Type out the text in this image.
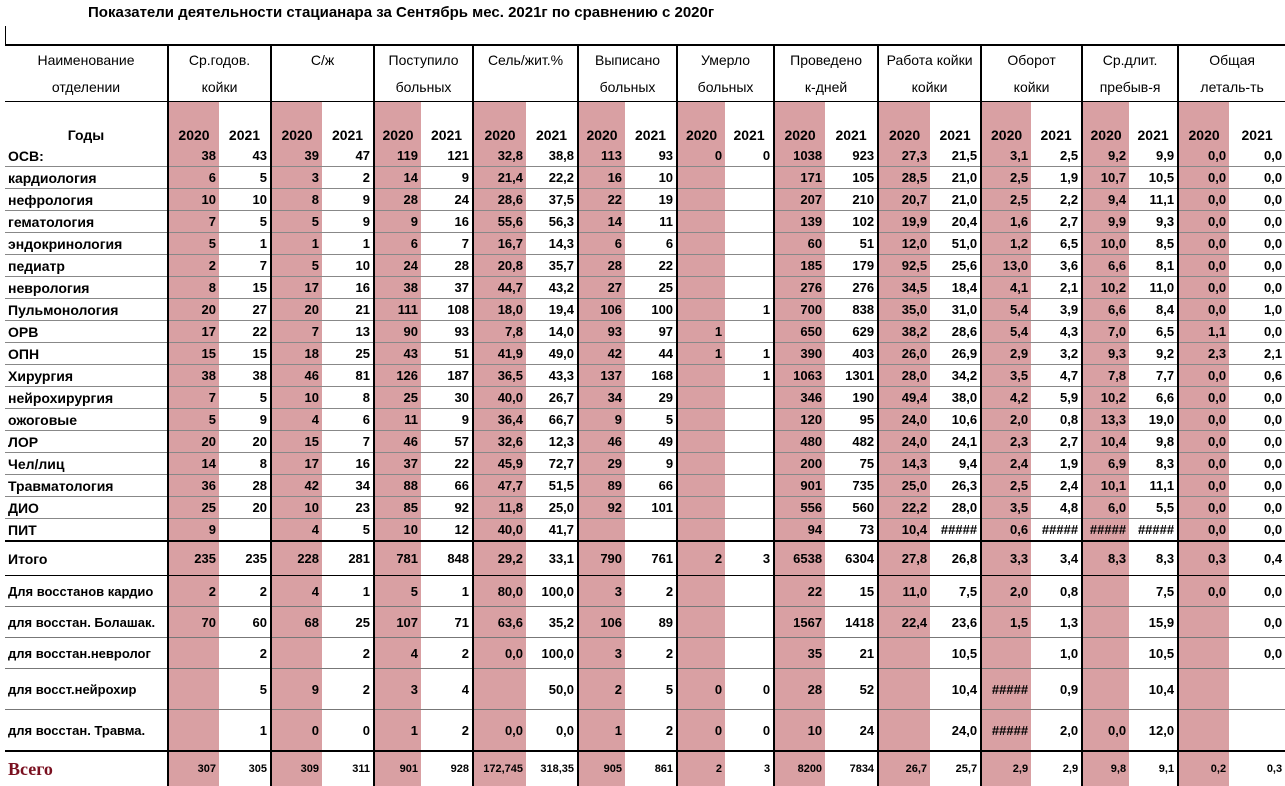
Показатели деятельности стацианара за Сентябрь мес. 2021г по сравнению с 2020г
Наименование	Ср.годов.		С/ж		Поступило		Сель/жит.%		Выписано		Умерло		Проведено		Работа койки		Оборот		Ср.длит.		Общая	
отделении	койки				больных				больных		больных		к-дней		койки		койки		пребыв-я		леталь-ть	
Годы	2020	2021	2020	2021	2020	2021	2020	2021	2020	2021	2020	2021	2020	2021	2020	2021	2020	2021	2020	2021	2020	2021
ОСВ:	38	43	39	47	119	121	32,8	38,8	113	93	0	0	1038	923	27,3	21,5	3,1	2,5	9,2	9,9	0,0	0,0
кардиология	6	5	3	2	14	9	21,4	22,2	16	10			171	105	28,5	21,0	2,5	1,9	10,7	10,5	0,0	0,0
нефрология	10	10	8	9	28	24	28,6	37,5	22	19			207	210	20,7	21,0	2,5	2,2	9,4	11,1	0,0	0,0
гематология	7	5	5	9	9	16	55,6	56,3	14	11			139	102	19,9	20,4	1,6	2,7	9,9	9,3	0,0	0,0
эндокринология	5	1	1	1	6	7	16,7	14,3	6	6			60	51	12,0	51,0	1,2	6,5	10,0	8,5	0,0	0,0
педиатр	2	7	5	10	24	28	20,8	35,7	28	22			185	179	92,5	25,6	13,0	3,6	6,6	8,1	0,0	0,0
неврология	8	15	17	16	38	37	44,7	43,2	27	25			276	276	34,5	18,4	4,1	2,1	10,2	11,0	0,0	0,0
Пульмонология	20	27	20	21	111	108	18,0	19,4	106	100		1	700	838	35,0	31,0	5,4	3,9	6,6	8,4	0,0	1,0
ОРВ	17	22	7	13	90	93	7,8	14,0	93	97	1		650	629	38,2	28,6	5,4	4,3	7,0	6,5	1,1	0,0
ОПН	15	15	18	25	43	51	41,9	49,0	42	44	1	1	390	403	26,0	26,9	2,9	3,2	9,3	9,2	2,3	2,1
Хирургия	38	38	46	81	126	187	36,5	43,3	137	168		1	1063	1301	28,0	34,2	3,5	4,7	7,8	7,7	0,0	0,6
нейрохирургия	7	5	10	8	25	30	40,0	26,7	34	29			346	190	49,4	38,0	4,2	5,9	10,2	6,6	0,0	0,0
ожоговые	5	9	4	6	11	9	36,4	66,7	9	5			120	95	24,0	10,6	2,0	0,8	13,3	19,0	0,0	0,0
ЛОР	20	20	15	7	46	57	32,6	12,3	46	49			480	482	24,0	24,1	2,3	2,7	10,4	9,8	0,0	0,0
Чел/лиц	14	8	17	16	37	22	45,9	72,7	29	9			200	75	14,3	9,4	2,4	1,9	6,9	8,3	0,0	0,0
Травматология	36	28	42	34	88	66	47,7	51,5	89	66			901	735	25,0	26,3	2,5	2,4	10,1	11,1	0,0	0,0
ДИО	25	20	10	23	85	92	11,8	25,0	92	101			556	560	22,2	28,0	3,5	4,8	6,0	5,5	0,0	0,0
ПИТ	9		4	5	10	12	40,0	41,7					94	73	10,4	#####	0,6	#####	#####	#####	0,0	0,0
Итого	235	235	228	281	781	848	29,2	33,1	790	761	2	3	6538	6304	27,8	26,8	3,3	3,4	8,3	8,3	0,3	0,4
Для восстанов кардио	2	2	4	1	5	1	80,0	100,0	3	2			22	15	11,0	7,5	2,0	0,8		7,5	0,0	0,0
для восстан. Болашак.	70	60	68	25	107	71	63,6	35,2	106	89			1567	1418	22,4	23,6	1,5	1,3		15,9		0,0
для восстан.невролог		2		2	4	2	0,0	100,0	3	2			35	21		10,5		1,0		10,5		0,0
для восст.нейрохир		5	9	2	3	4		50,0	2	5	0	0	28	52		10,4	#####	0,9		10,4		
для восстан. Травма.		1	0	0	1	2	0,0	0,0	1	2	0	0	10	24		24,0	#####	2,0	0,0	12,0		
Всего	307	305	309	311	901	928	172,745	318,35	905	861	2	3	8200	7834	26,7	25,7	2,9	2,9	9,8	9,1	0,2	0,3
